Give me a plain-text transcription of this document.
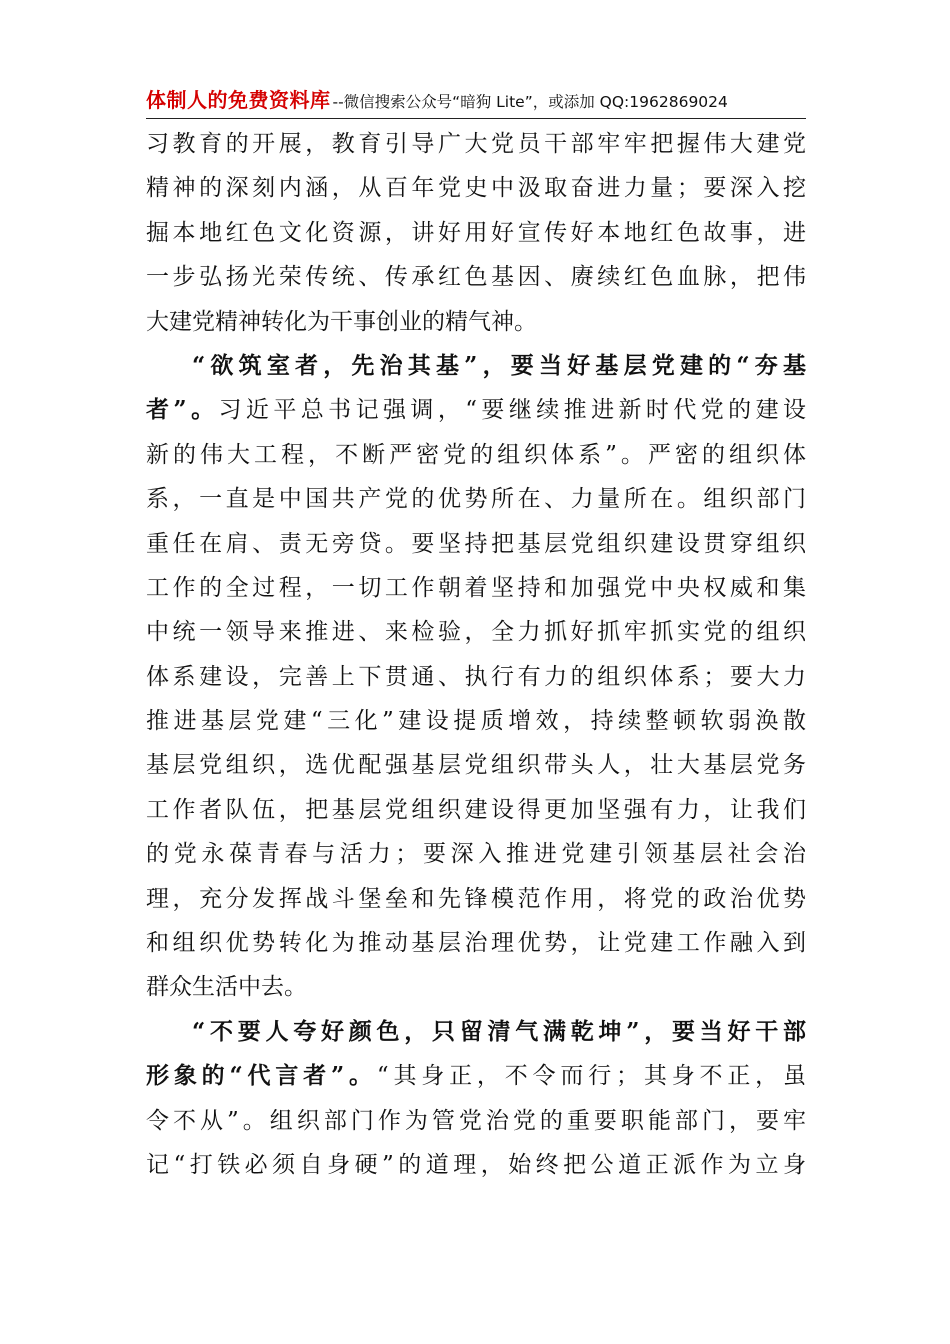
体制人的免费资料库 --微信搜索公众号“暗狗 Lite”，或添加 QQ:1962869024
习教育的开展，教育引导广大党员干部牢牢把握伟大建党
精神的深刻内涵，从百年党史中汲取奋进力量；要深入挖
掘本地红色文化资源，讲好用好宣传好本地红色故事，进
一步弘扬光荣传统、传承红色基因、赓续红色血脉，把伟
大建党精神转化为干事创业的精气神。
“欲筑室者，先治其基”，要当好基层党建的“夯基
者”。习近平总书记强调，“要继续推进新时代党的建设
新的伟大工程，不断严密党的组织体系”。严密的组织体
系，一直是中国共产党的优势所在、力量所在。组织部门
重任在肩、责无旁贷。要坚持把基层党组织建设贯穿组织
工作的全过程，一切工作朝着坚持和加强党中央权威和集
中统一领导来推进、来检验，全力抓好抓牢抓实党的组织
体系建设，完善上下贯通、执行有力的组织体系；要大力
推进基层党建“三化”建设提质增效，持续整顿软弱涣散
基层党组织，选优配强基层党组织带头人，壮大基层党务
工作者队伍，把基层党组织建设得更加坚强有力，让我们
的党永葆青春与活力；要深入推进党建引领基层社会治
理，充分发挥战斗堡垒和先锋模范作用，将党的政治优势
和组织优势转化为推动基层治理优势，让党建工作融入到
群众生活中去。
“不要人夸好颜色，只留清气满乾坤”，要当好干部
形象的“代言者”。“其身正，不令而行；其身不正，虽
令不从”。组织部门作为管党治党的重要职能部门，要牢
记“打铁必须自身硬”的道理，始终把公道正派作为立身
